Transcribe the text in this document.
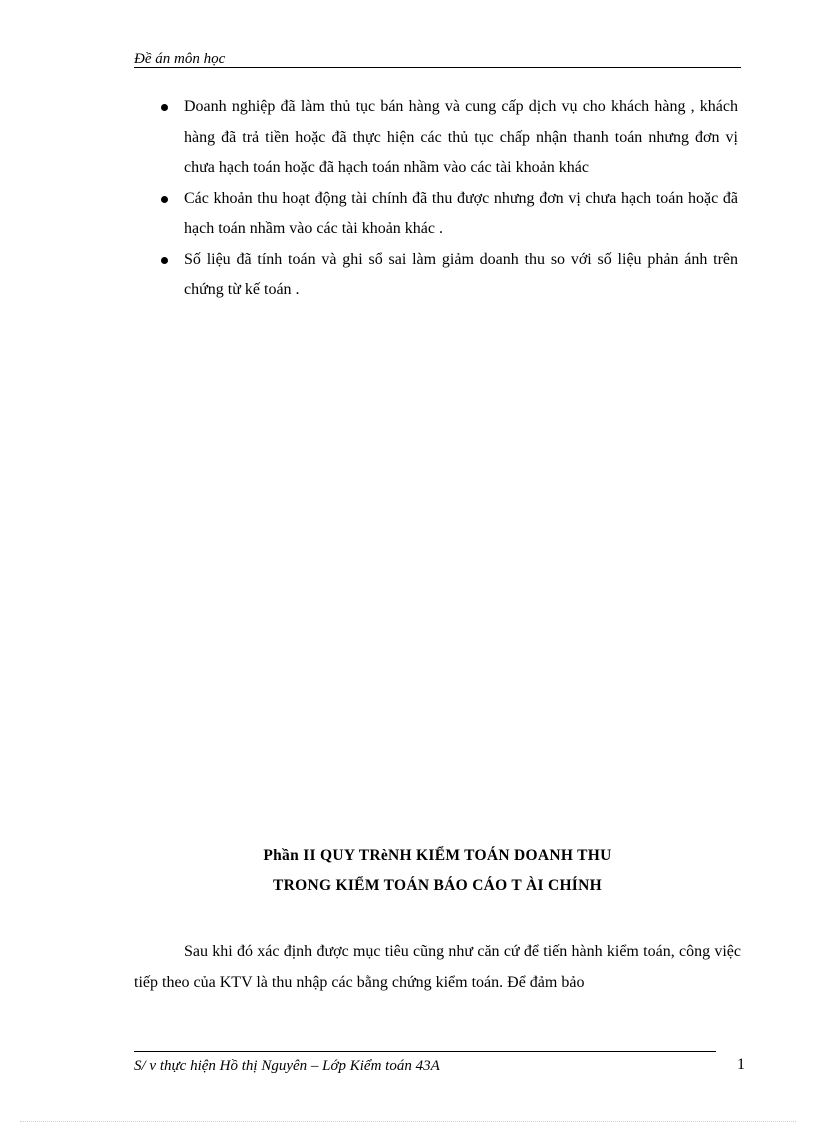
Đề án môn học
Doanh nghiệp đã làm thủ tục bán hàng và cung cấp dịch vụ cho khách hàng , khách hàng đã trả tiền hoặc đã thực hiện các thủ tục chấp nhận thanh toán nhưng đơn vị chưa hạch toán hoặc đã hạch toán nhầm vào các tài khoản khác
Các khoản thu hoạt động tài chính đã thu được nhưng đơn vị chưa hạch toán hoặc đã hạch toán nhầm vào các tài khoản khác .
Số liệu đã tính toán và ghi sổ sai làm giảm doanh thu so với số liệu phản ánh trên chứng từ kế toán .
Phần II QUY TRèNH KIỂM TOÁN DOANH THU
TRONG KIỂM TOÁN BÁO CÁO T ÀI CHÍNH

Sau khi đó xác định được mục tiêu cũng như căn cứ để tiến hành kiểm toán, công việc tiếp theo của KTV là thu nhập các bằng chứng kiểm toán. Để đảm bảo

S/ v thực hiện Hồ thị Nguyên – Lớp Kiểm toán 43A	1
